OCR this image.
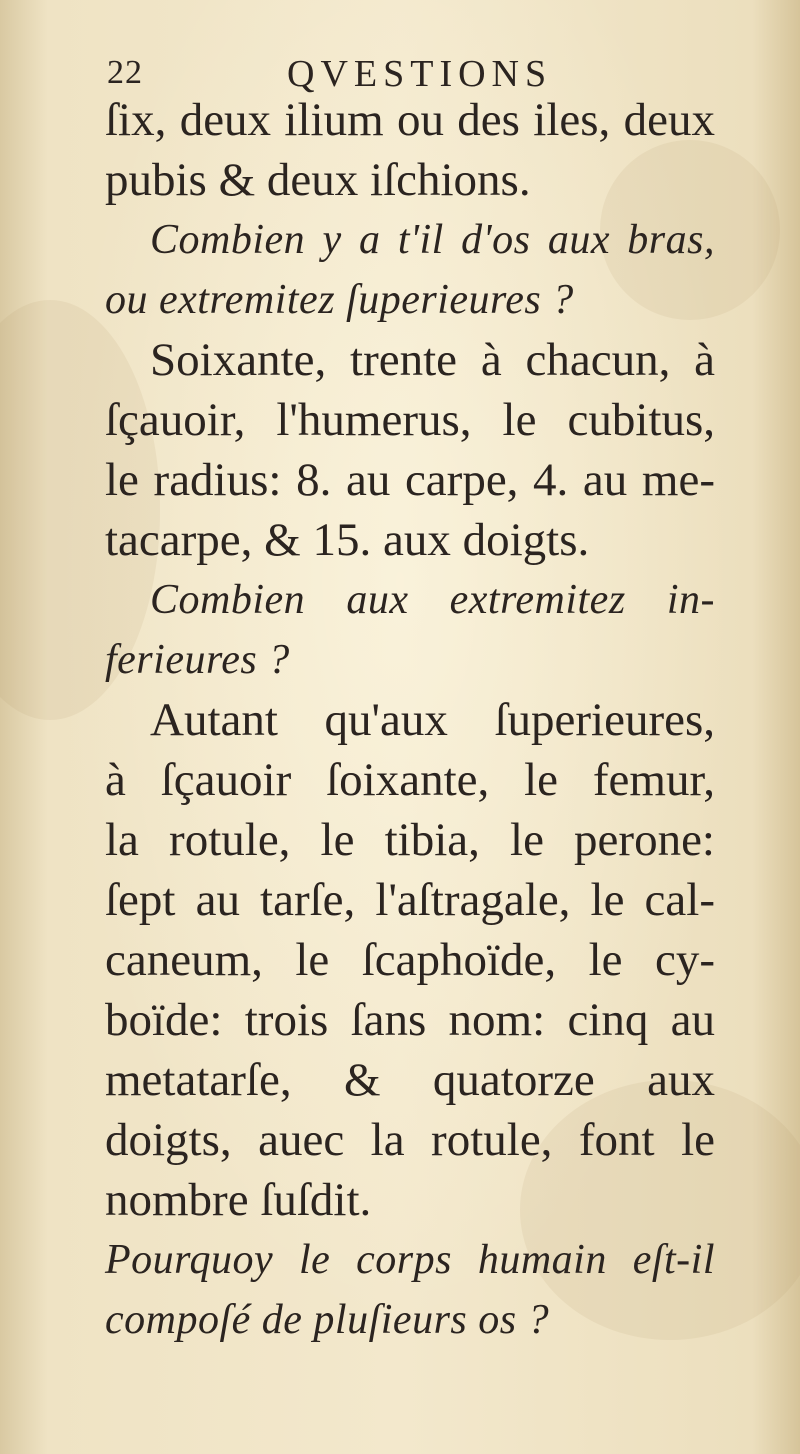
22	QVESTIONS
ſix, deux ilium ou des iles, deux
pubis & deux iſchions.
Combien y a t'il d'os aux bras,
ou extremitez ſuperieures ?
Soixante, trente à chacun, à
ſçauoir, l'humerus, le cubitus,
le radius: 8. au carpe, 4. au me-
tacarpe, & 15. aux doigts.
Combien aux extremitez in-
ferieures ?
Autant qu'aux ſuperieures,
à ſçauoir ſoixante, le femur,
la rotule, le tibia, le perone:
ſept au tarſe, l'aſtragale, le cal-
caneum, le ſcaphoïde, le cy-
boïde: trois ſans nom: cinq au
metatarſe, & quatorze aux
doigts, auec la rotule, font le
nombre ſuſdit.
Pourquoy le corps humain eſt-il
compoſé de pluſieurs os ?
